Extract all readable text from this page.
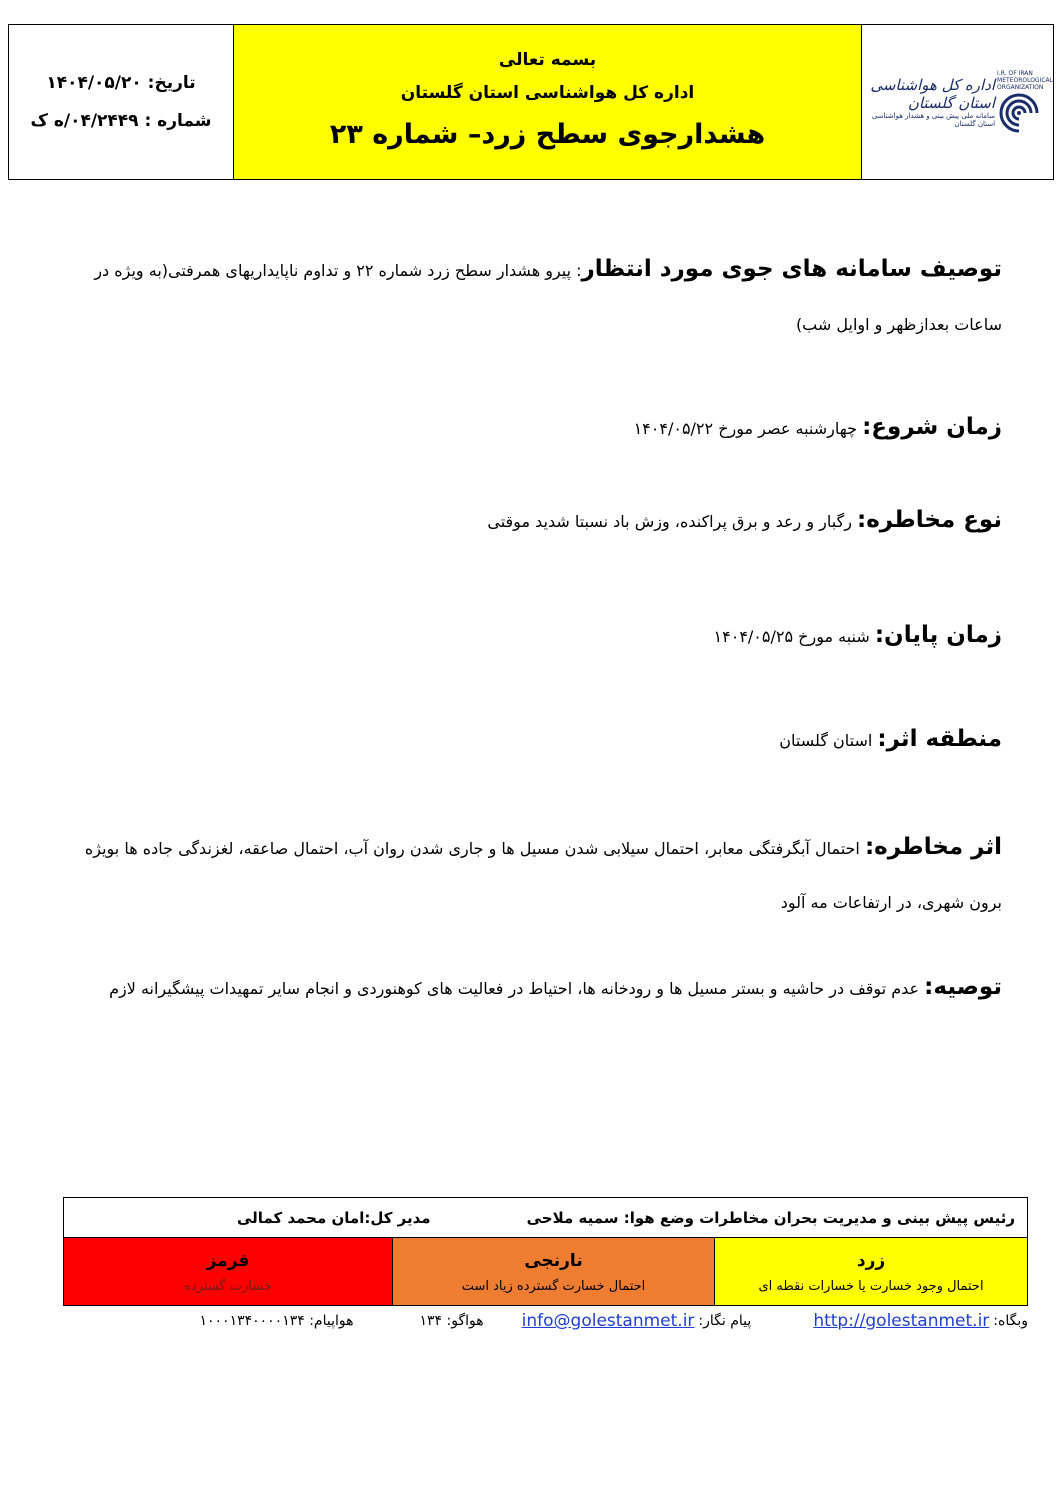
تاریخ: ۱۴۰۴/۰۵/۲۰
شماره : ۰۴/۲۴۴۹/ه ک
بسمه تعالی
اداره کل هواشناسی استان گلستان
هشدارجوی سطح زرد– شماره ۲۳
اداره کل هواشناسی استان گلستان
سامانه ملی پیش بینی و هشدار هواشناسی استان گلستان
I.R. OF IRAN
METEOROLOGICAL
ORGANIZATION
توصیف سامانه های جوی مورد انتظار: پیرو هشدار سطح زرد شماره ۲۲ و تداوم ناپایداریهای همرفتی(به ویژه در ساعات بعدازظهر و اوایل شب)
زمان شروع: چهارشنبه عصر مورخ ۱۴۰۴/۰۵/۲۲
نوع مخاطره: رگبار و رعد و برق پراکنده، وزش باد نسبتا شدید موقتی
زمان پایان: شنبه مورخ ۱۴۰۴/۰۵/۲۵
منطقه اثر: استان گلستان
اثر مخاطره: احتمال آبگرفتگی معابر، احتمال سیلابی شدن مسیل ها و جاری شدن روان آب، احتمال صاعقه، لغزندگی جاده ها بویژه برون شهری، در ارتفاعات مه آلود
توصیه: عدم توقف در حاشیه و بستر مسیل ها و رودخانه ها، احتیاط در فعالیت های کوهنوردی و انجام سایر تمهیدات پیشگیرانه لازم
رئیس پیش بینی و مدیریت بحران مخاطرات وضع هوا: سمیه ملاحی
مدیر کل:امان محمد کمالی
زرد
احتمال وجود خسارت یا خسارات نقطه ای
نارنجی
احتمال خسارت گسترده زیاد است
قرمز
خسارت گسترده
وبگاه:
http://golestanmet.ir
پیام نگار:
info@golestanmet.ir
هواگو: ۱۳۴
هواپیام: ۱۰۰۰۱۳۴۰۰۰۰۱۳۴
